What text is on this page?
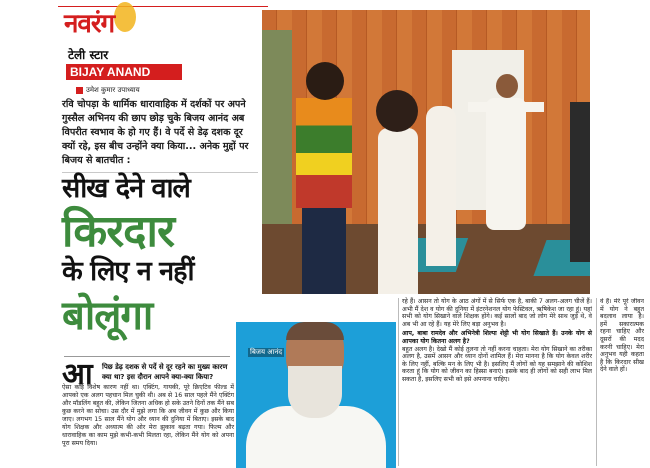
नवरंग
टेली स्टार
BIJAY ANAND
उमेश कुमार उपाध्याय
रवि चोपड़ा के धार्मिक धारावाहिक में दर्शकों पर अपने गुस्सैल अभिनय की छाप छोड़ चुके बिजय आनंद अब विपरीत स्वभाव के हो गए हैं। वे पर्दे से डेढ़ दशक दूर क्यों रहे, इस बीच उन्होंने क्या किया... अनेक मुद्दों पर बिजय से बातचीत :
सीख देने वाले
किरदार
के लिए न नहीं
बोलूंगा	रहे हैं। आसन तो योग के आठ अंगों में से सिर्फ एक है, बाकी 7 अलग-अलग चीजें हैं। अभी मैं देश व योग की दुनिया में इंटरनेशनल योग फेस्टिवल, ऋषिकेश जा रहा हूं। यहां सभी को योग सिखाने वाले शिक्षक होंगे। कई सालों बाद जो लोग मेरे साथ जुड़े थे, वे अब भी आ रहे हैं। यह मेरे लिए बड़ा अनुभव है।
आप, बाबा रामदेव और अभिनेत्री शिल्पा शेट्टी भी योग सिखाते हैं। उनके योग से आपका योग कितना अलग है?
बहुत अलग है। देखो मैं कोई तुलना तो नहीं करना चाहता। मेरा योग सिखाने का तरीका अलग है, उसमें आसन और ध्यान दोनों शामिल हैं। मेरा मानना है कि योग केवल शरीर के लिए नहीं, बल्कि मन के लिए भी है। इसलिए मैं लोगों को यह समझाने की कोशिश करता हूं कि योग को जीवन का हिस्सा बनाएं। इसके बाद ही लोगों को सही लाभ मिल सकता है, इसलिए सभी को इसे अपनाना चाहिए।
वे हैं। मेरे पूरे जीवन में योग ने बहुत बदलाव लाया है। हमें सकारात्मक रहना चाहिए और दूसरों की मदद करनी चाहिए। मेरा अनुभव यही कहता है कि किरदार सीख देने वाले हों।
बिजय आनंद
आ पिछ डेढ़ दशक से पर्दे से दूर रहने का मुख्य कारण क्या था? इस दौरान आपने क्या-क्या किया?
ऐसा कोई विशेष कारण नहीं था। एक्टिंग, गायकी, पूरे क्रिएटिव फील्ड में आपको एक अलग पहचान मिल चुकी थी। अब से 16 साल पहले मैंने एक्टिंग और मॉडलिंग बहुत की, लेकिन जितना अधिक हो सके उतने दिनों तक मैंने सब कुछ करने का सोचा। उस दौर में मुझे लगा कि अब जीवन में कुछ और किया जाए। लगभग 15 साल मैंने योग और ध्यान की दुनिया में बिताए। इसके बाद योग शिक्षक और अध्यात्म की ओर मेरा झुकाव बढ़ता गया। फिल्म और धारावाहिक का काम मुझे कभी-कभी मिलता रहा, लेकिन मैंने योग को अपना पूरा समय दिया।
